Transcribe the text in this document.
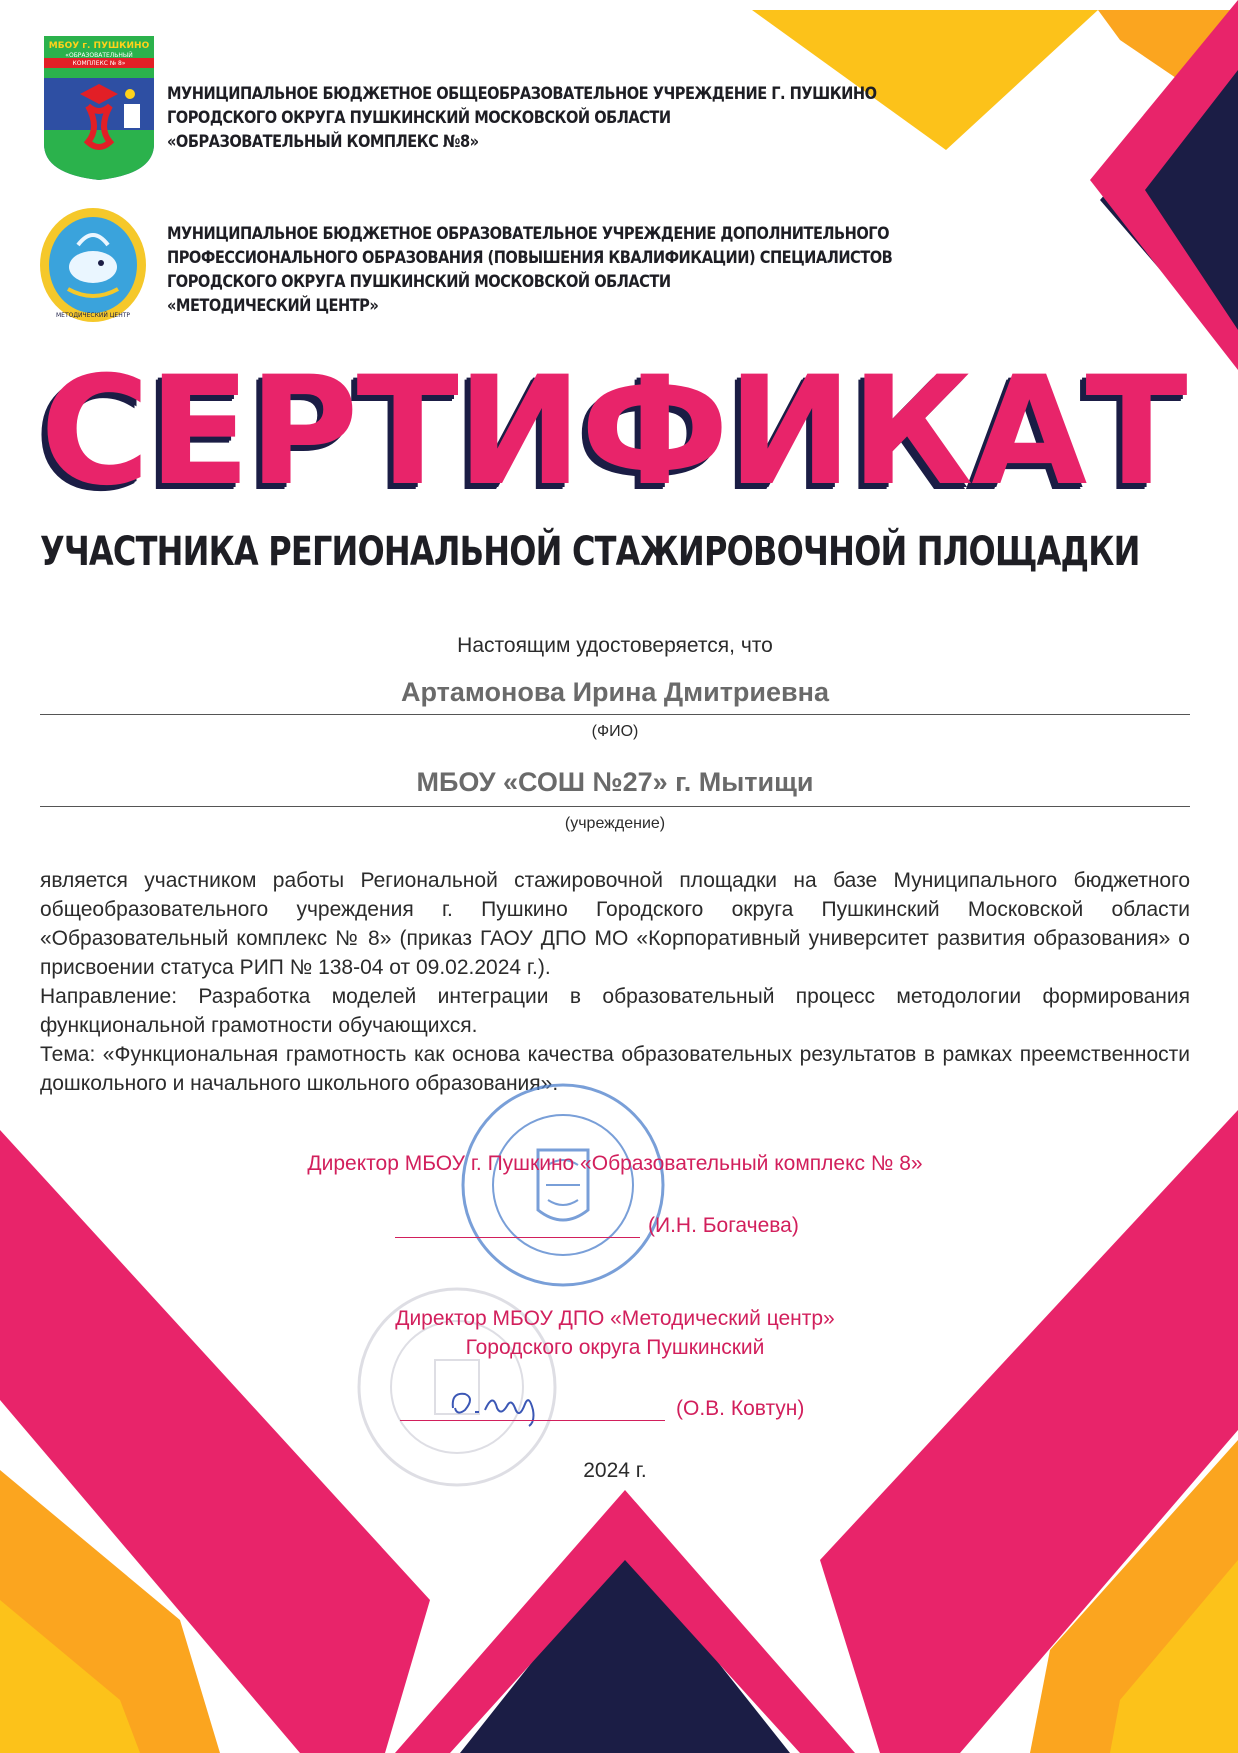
МБОУ г. ПУШКИНО
«ОБРАЗОВАТЕЛЬНЫЙ
КОМПЛЕКС № 8»
МУНИЦИПАЛЬНОЕ БЮДЖЕТНОЕ ОБЩЕОБРАЗОВАТЕЛЬНОЕ УЧРЕЖДЕНИЕ Г. ПУШКИНО
ГОРОДСКОГО ОКРУГА ПУШКИНСКИЙ МОСКОВСКОЙ ОБЛАСТИ
«ОБРАЗОВАТЕЛЬНЫЙ КОМПЛЕКС №8»
МЕТОДИЧЕСКИЙ ЦЕНТР
МУНИЦИПАЛЬНОЕ БЮДЖЕТНОЕ ОБРАЗОВАТЕЛЬНОЕ УЧРЕЖДЕНИЕ ДОПОЛНИТЕЛЬНОГО
ПРОФЕССИОНАЛЬНОГО ОБРАЗОВАНИЯ (ПОВЫШЕНИЯ КВАЛИФИКАЦИИ) СПЕЦИАЛИСТОВ
ГОРОДСКОГО ОКРУГА ПУШКИНСКИЙ МОСКОВСКОЙ ОБЛАСТИ
«МЕТОДИЧЕСКИЙ ЦЕНТР»
СЕРТИФИКАТ
УЧАСТНИКА РЕГИОНАЛЬНОЙ СТАЖИРОВОЧНОЙ ПЛОЩАДКИ
Настоящим удостоверяется, что
Артамонова Ирина Дмитриевна
(ФИО)
МБОУ «СОШ №27» г. Мытищи
(учреждение)

является участником работы Региональной стажировочной площадки на базе Муниципального бюджетного общеобразовательного учреждения г. Пушкино Городского округа Пушкинский Московской области «Образовательный комплекс № 8» (приказ ГАОУ ДПО МО «Корпоративный университет развития образования» о присвоении статуса РИП № 138-04 от 09.02.2024 г.).

Направление: Разработка моделей интеграции в образовательный процесс методологии формирования функциональной грамотности обучающихся.

Тема: «Функциональная грамотность как основа качества образовательных результатов в рамках преемственности дошкольного и начального школьного образования».

Директор МБОУ г. Пушкино «Образовательный комплекс № 8»
(И.Н. Богачева)
Директор МБОУ ДПО «Методический центр»
Городского округа Пушкинский
(О.В. Ковтун)
2024 г.
